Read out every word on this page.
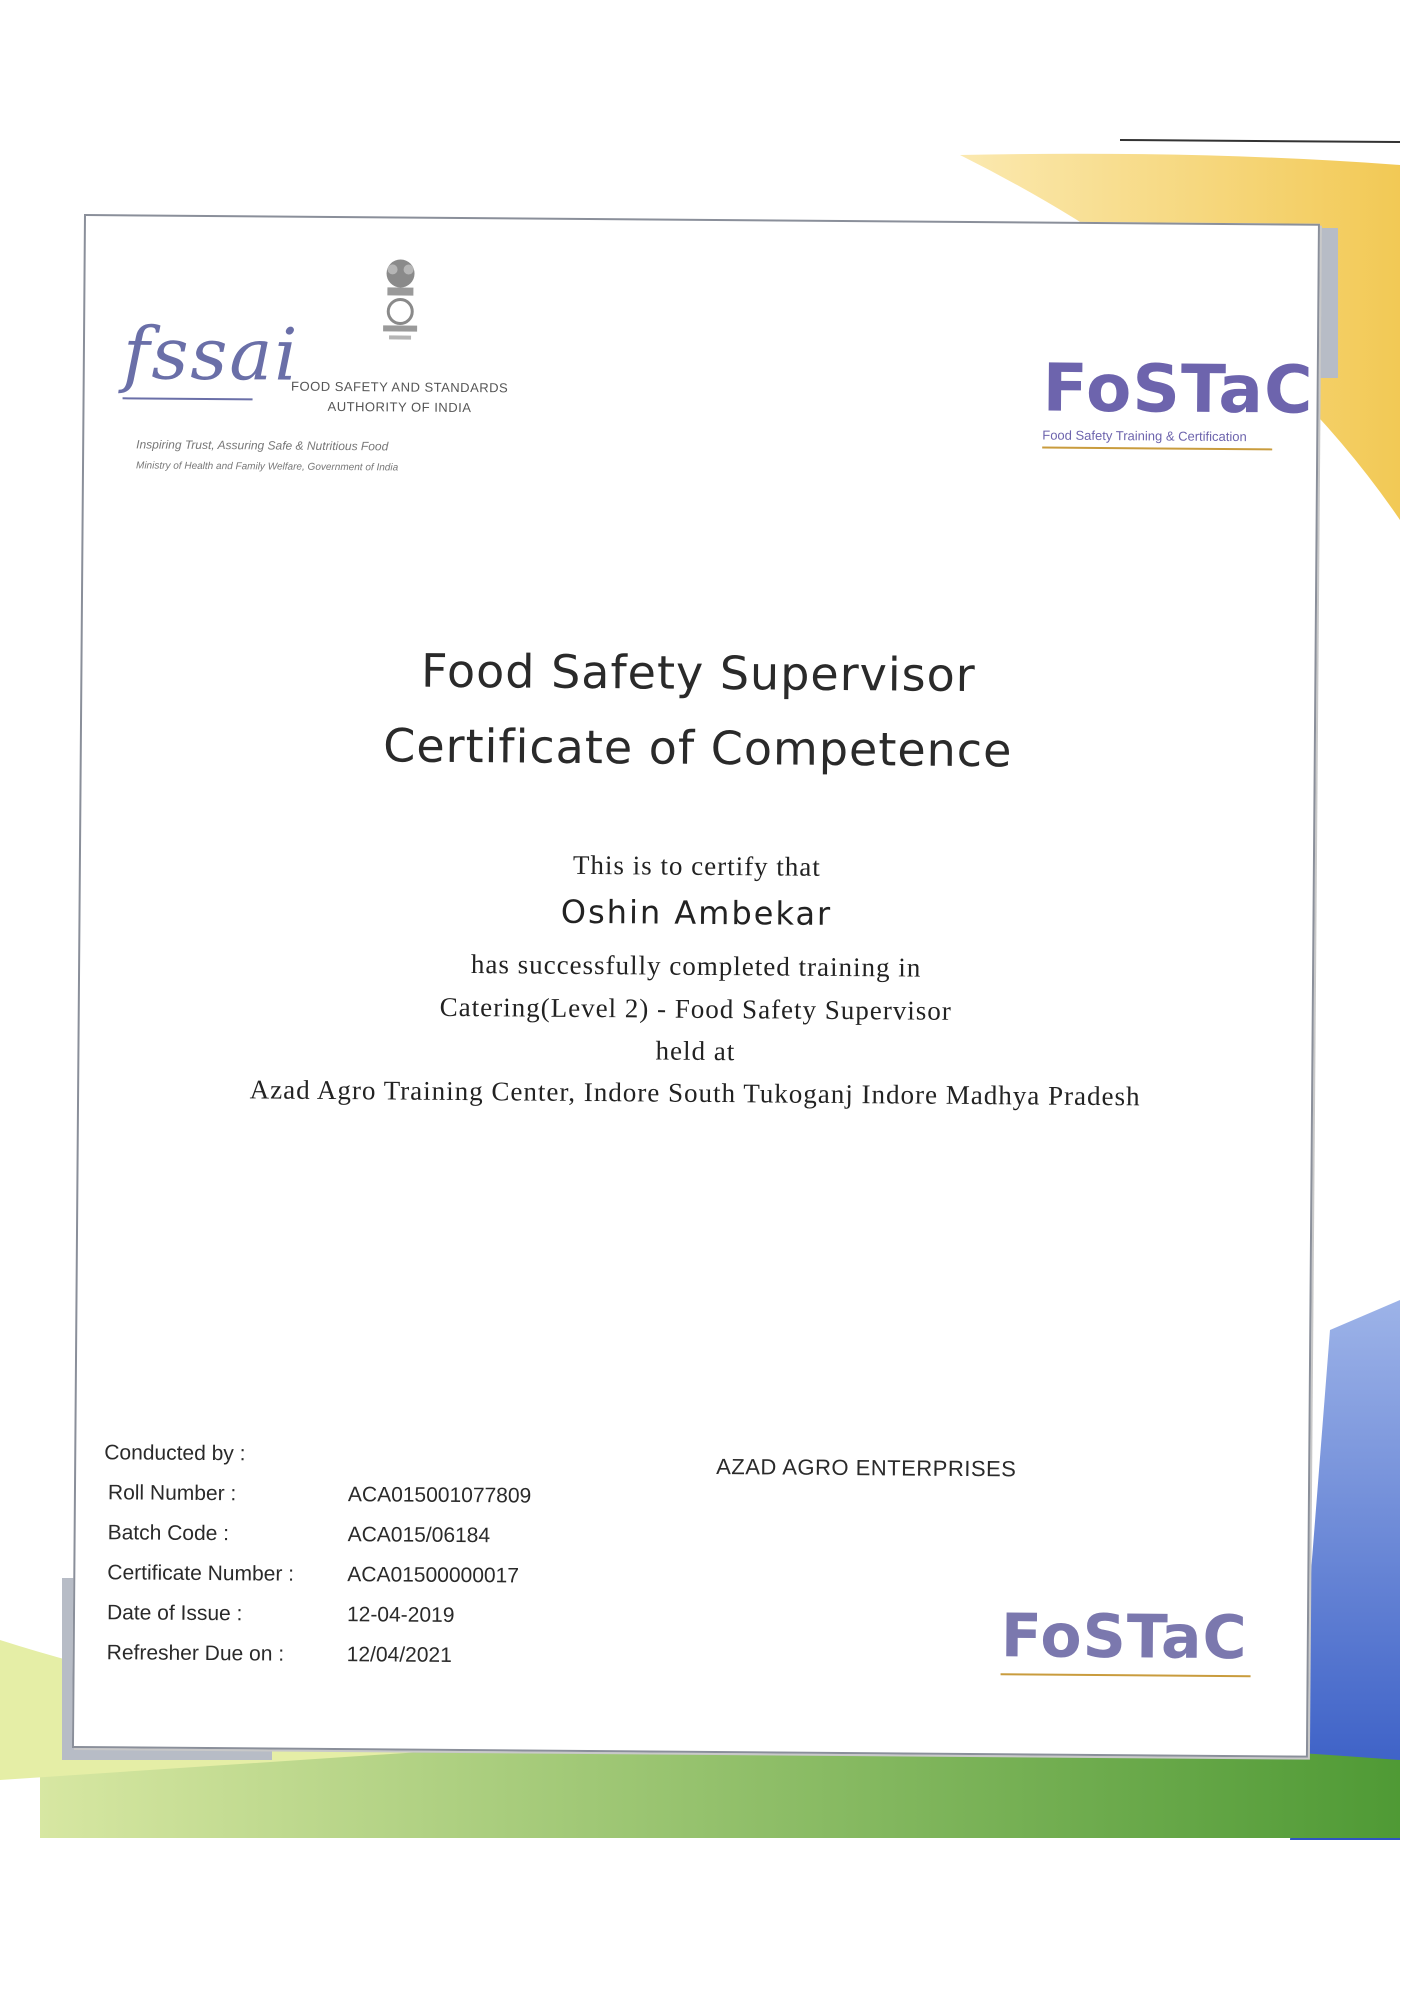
fssai
FOOD SAFETY AND STANDARDS
AUTHORITY OF INDIA
Inspiring Trust, Assuring Safe & Nutritious Food
Ministry of Health and Family Welfare, Government of India
FoSTaC
Food Safety Training & Certification
Food Safety Supervisor
Certificate of Competence
This is to certify that
Oshin Ambekar
has successfully completed training in
Catering(Level 2) - Food Safety Supervisor
held at
Azad Agro Training Center, Indore South Tukoganj Indore Madhya Pradesh
Conducted by :
Roll Number :	ACA015001077809
Batch Code :	ACA015/06184
Certificate Number :	ACA01500000017
Date of Issue :	12-04-2019
Refresher Due on :	12/04/2021
AZAD AGRO ENTERPRISES
FoSTaC
